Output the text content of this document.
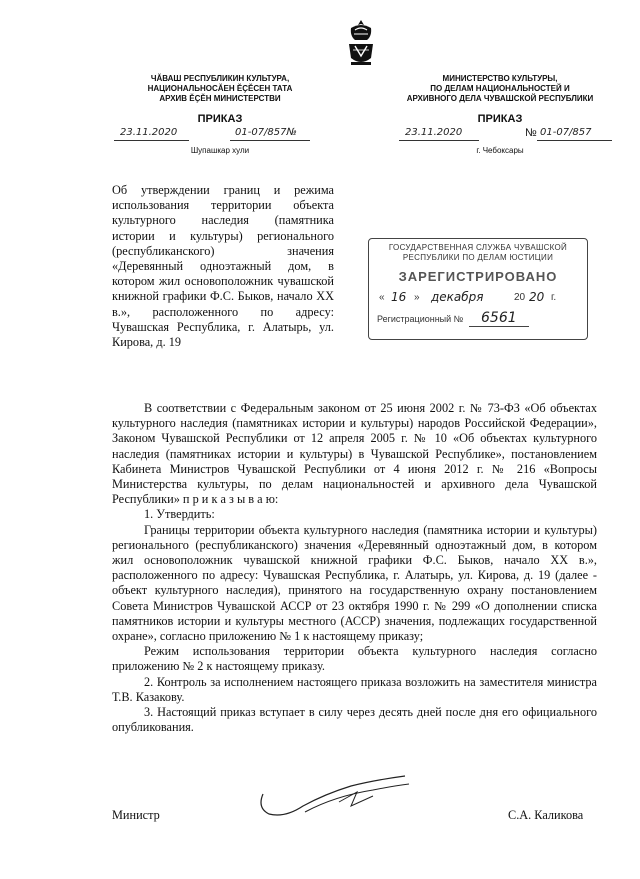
ЧĂВАШ РЕСПУБЛИКИН КУЛЬТУРА,
НАЦИОНАЛЬНОСĂЕН ĔҪĔСЕН ТАТА
АРХИВ ĔҪĔН МИНИСТЕРСТВИ
ПРИКАЗ
23.11.2020	01-07/857№
Шупашкар хули
МИНИСТЕРСТВО КУЛЬТУРЫ,
ПО ДЕЛАМ НАЦИОНАЛЬНОСТЕЙ И
АРХИВНОГО ДЕЛА ЧУВАШСКОЙ РЕСПУБЛИКИ
ПРИКАЗ
23.11.2020	№ 01-07/857
г. Чебоксары
Об утверждении границ и режима использования территории объекта культурного наследия (памятника истории и культуры) регионального (республиканского) значения «Деревянный одноэтажный дом, в котором жил основоположник чувашской книжной графики Ф.С. Быков, начало XX в.», расположенного по адресу: Чувашская Республика, г. Алатырь, ул. Кирова, д. 19
ГОСУДАРСТВЕННАЯ СЛУЖБА ЧУВАШСКОЙ
РЕСПУБЛИКИ ПО ДЕЛАМ ЮСТИЦИИ
ЗАРЕГИСТРИРОВАНО
« 16 » декабря	20 20 г.
Регистрационный № 6561

В соответствии с Федеральным законом от 25 июня 2002 г. № 73-ФЗ «Об объектах культурного наследия (памятниках истории и культуры) народов Российской Федерации», Законом Чувашской Республики от 12 апреля 2005 г. № 10 «Об объектах культурного наследия (памятниках истории и культуры) в Чувашской Республике», постановлением Кабинета Министров Чувашской Республики от 4 июня 2012 г. № 216 «Вопросы Министерства культуры, по делам национальностей и архивного дела Чувашской Республики» п р и к а з ы в а ю:

1. Утвердить:

Границы территории объекта культурного наследия (памятника истории и культуры) регионального (республиканского) значения «Деревянный одноэтажный дом, в котором жил основоположник чувашской книжной графики Ф.С. Быков, начало XX в.», расположенного по адресу: Чувашская Республика, г. Алатырь, ул. Кирова, д. 19 (далее - объект культурного наследия), принятого на государственную охрану постановлением Совета Министров Чувашской АССР от 23 октября 1990 г. № 299 «О дополнении списка памятников истории и культуры местного (АССР) значения, подлежащих государственной охране», согласно приложению № 1 к настоящему приказу;

Режим использования территории объекта культурного наследия согласно приложению № 2 к настоящему приказу.

2. Контроль за исполнением настоящего приказа возложить на заместителя министра Т.В. Казакову.

3. Настоящий приказ вступает в силу через десять дней после дня его официального опубликования.

Министр	С.А. Каликова
